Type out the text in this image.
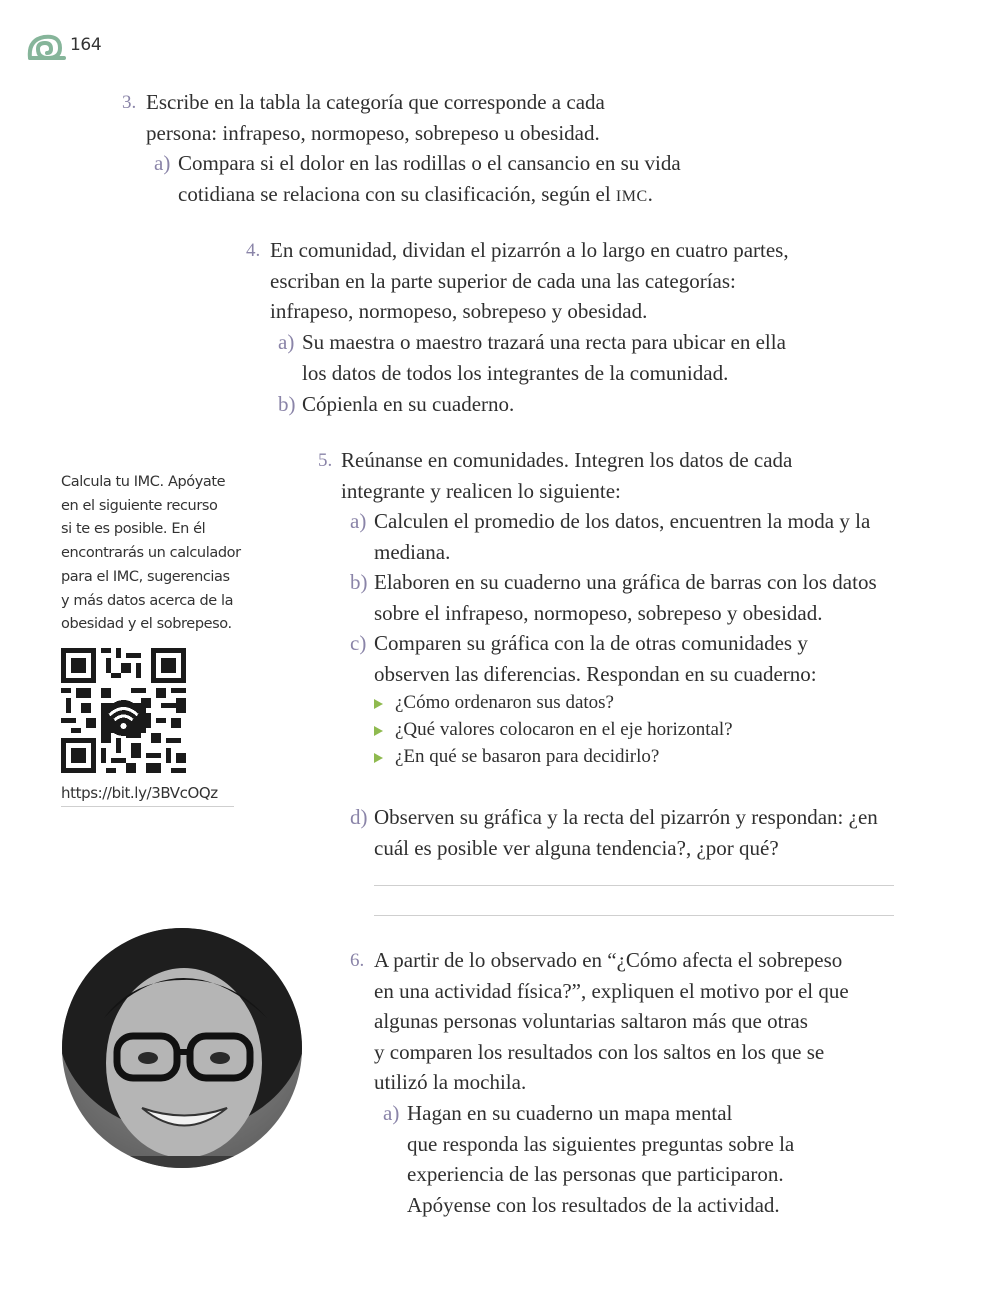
164
3. Escribe en la tabla la categoría que corresponde a cada
persona: infrapeso, normopeso, sobrepeso u obesidad.
a) Compara si el dolor en las rodillas o el cansancio en su vida
cotidiana se relaciona con su clasificación, según el IMC.
4. En comunidad, dividan el pizarrón a lo largo en cuatro partes,
escriban en la parte superior de cada una las categorías:
infrapeso, normopeso, sobrepeso y obesidad.
a) Su maestra o maestro trazará una recta para ubicar en ella
los datos de todos los integrantes de la comunidad.
b) Cópienla en su cuaderno.
Calcula tu IMC. Apóyate
en el siguiente recurso
si te es posible. En él
encontrarás un calculador
para el IMC, sugerencias
y más datos acerca de la
obesidad y el sobrepeso.
https://bit.ly/3BVcOQz
5. Reúnanse en comunidades. Integren los datos de cada
integrante y realicen lo siguiente:
a) Calculen el promedio de los datos, encuentren la moda y la
mediana.
b) Elaboren en su cuaderno una gráfica de barras con los datos
sobre el infrapeso, normopeso, sobrepeso y obesidad.
c) Comparen su gráfica con la de otras comunidades y
observen las diferencias. Respondan en su cuaderno:
¿Cómo ordenaron sus datos?
¿Qué valores colocaron en el eje horizontal?
¿En qué se basaron para decidirlo?
d) Observen su gráfica y la recta del pizarrón y respondan: ¿en
cuál es posible ver alguna tendencia?, ¿por qué?
6. A partir de lo observado en “¿Cómo afecta el sobrepeso
en una actividad física?”, expliquen el motivo por el que
algunas personas voluntarias saltaron más que otras
y comparen los resultados con los saltos en los que se
utilizó la mochila.
a) Hagan en su cuaderno un mapa mental
que responda las siguientes preguntas sobre la
experiencia de las personas que participaron.
Apóyense con los resultados de la actividad.
